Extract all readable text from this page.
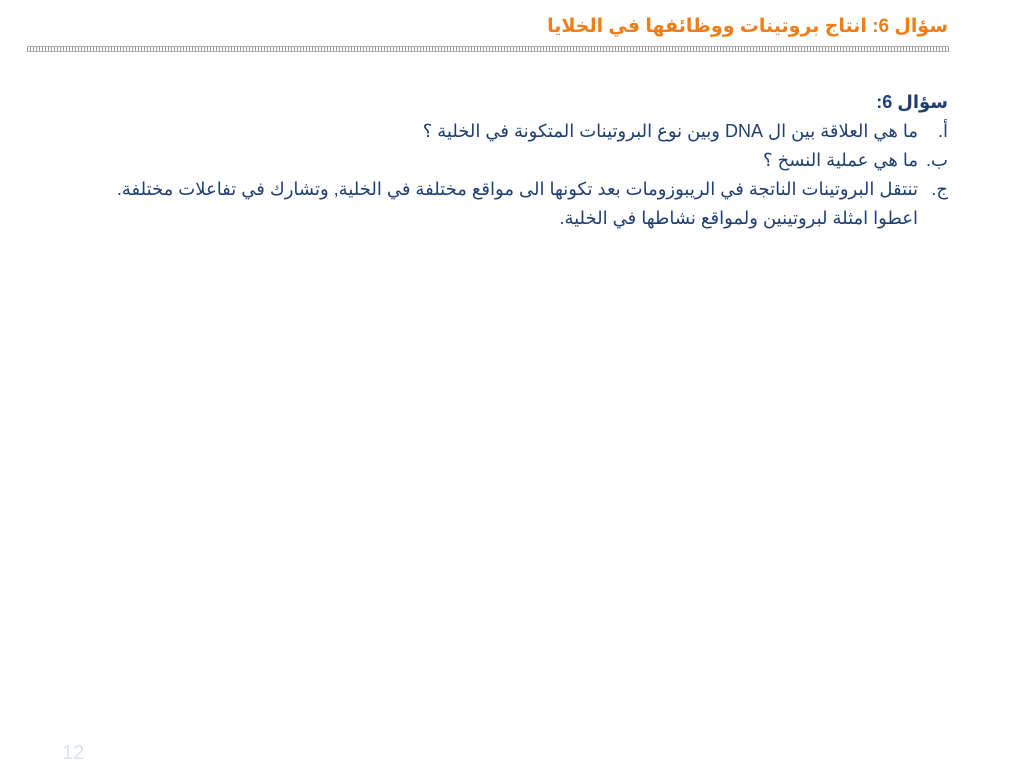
سؤال 6: انتاج بروتينات ووظائفها في الخلايا

سؤال 6:

أ.
ما هي العلاقة بين ال DNA وبين نوع البروتينات المتكونة في الخلية ؟

ب.
ما هي عملية النسخ ؟

ج.
تنتقل البروتينات الناتجة في الريبوزومات بعد تكونها الى مواقع مختلفة في الخلية, وتشارك في تفاعلات مختلفة. اعطوا امثلة لبروتينين ولمواقع نشاطها في الخلية.

12
